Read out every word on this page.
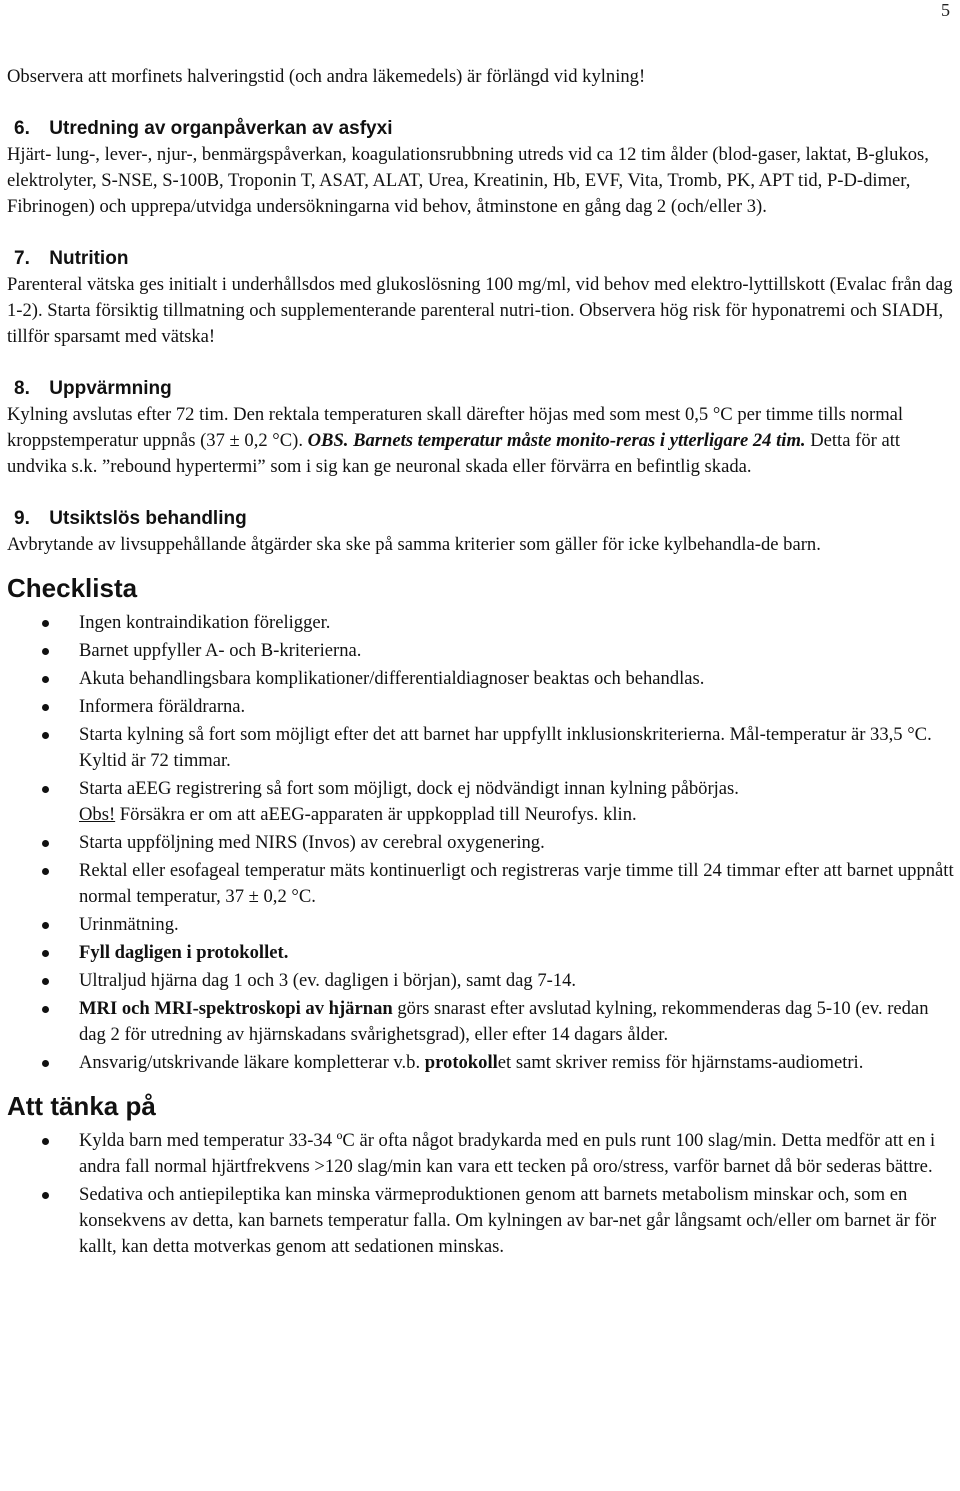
5

Observera att morfinets halveringstid (och andra läkemedels) är förlängd vid kylning!

6. Utredning av organpåverkan av asfyxi

Hjärt- lung-, lever-, njur-, benmärgspåverkan, koagulationsrubbning utreds vid ca 12 tim ålder (blod-gaser, laktat, B-glukos, elektrolyter, S-NSE, S-100B, Troponin T, ASAT, ALAT, Urea, Kreatinin, Hb, EVF, Vita, Tromb, PK, APT tid, P-D-dimer, Fibrinogen) och upprepa/utvidga undersökningarna vid behov, åtminstone en gång dag 2 (och/eller 3).

7. Nutrition

Parenteral vätska ges initialt i underhållsdos med glukoslösning 100 mg/ml, vid behov med elektro-lyttillskott (Evalac från dag 1-2). Starta försiktig tillmatning och supplementerande parenteral nutri-tion. Observera hög risk för hyponatremi och SIADH, tillför sparsamt med vätska!

8. Uppvärmning

Kylning avslutas efter 72 tim. Den rektala temperaturen skall därefter höjas med som mest 0,5 °C per timme tills normal kroppstemperatur uppnås (37 ± 0,2 °C). OBS. Barnets temperatur måste monito-reras i ytterligare 24 tim. Detta för att undvika s.k. ”rebound hypertermi” som i sig kan ge neuronal skada eller förvärra en befintlig skada.

9. Utsiktslös behandling

Avbrytande av livsuppehållande åtgärder ska ske på samma kriterier som gäller för icke kylbehandla-de barn.

Checklista
Ingen kontraindikation föreligger.
Barnet uppfyller A- och B-kriterierna.
Akuta behandlingsbara komplikationer/differentialdiagnoser beaktas och behandlas.
Informera föräldrarna.
Starta kylning så fort som möjligt efter det att barnet har uppfyllt inklusionskriterierna. Mål-temperatur är 33,5 °C. Kyltid är 72 timmar.
Starta aEEG registrering så fort som möjligt, dock ej nödvändigt innan kylning påbörjas.
Obs! Försäkra er om att aEEG-apparaten är uppkopplad till Neurofys. klin.
Starta uppföljning med NIRS (Invos) av cerebral oxygenering.
Rektal eller esofageal temperatur mäts kontinuerligt och registreras varje timme till 24 timmar efter att barnet uppnått normal temperatur, 37 ± 0,2 °C.
Urinmätning.
Fyll dagligen i protokollet.
Ultraljud hjärna dag 1 och 3 (ev. dagligen i början), samt dag 7-14.
MRI och MRI-spektroskopi av hjärnan görs snarast efter avslutad kylning, rekommenderas dag 5-10 (ev. redan dag 2 för utredning av hjärnskadans svårighetsgrad), eller efter 14 dagars ålder.
Ansvarig/utskrivande läkare kompletterar v.b. protokollet samt skriver remiss för hjärnstams-audiometri.
Att tänka på
Kylda barn med temperatur 33-34 ºC är ofta något bradykarda med en puls runt 100 slag/min. Detta medför att en i andra fall normal hjärtfrekvens >120 slag/min kan vara ett tecken på oro/stress, varför barnet då bör sederas bättre.
Sedativa och antiepileptika kan minska värmeproduktionen genom att barnets metabolism minskar och, som en konsekvens av detta, kan barnets temperatur falla. Om kylningen av bar-net går långsamt och/eller om barnet är för kallt, kan detta motverkas genom att sedationen minskas.
